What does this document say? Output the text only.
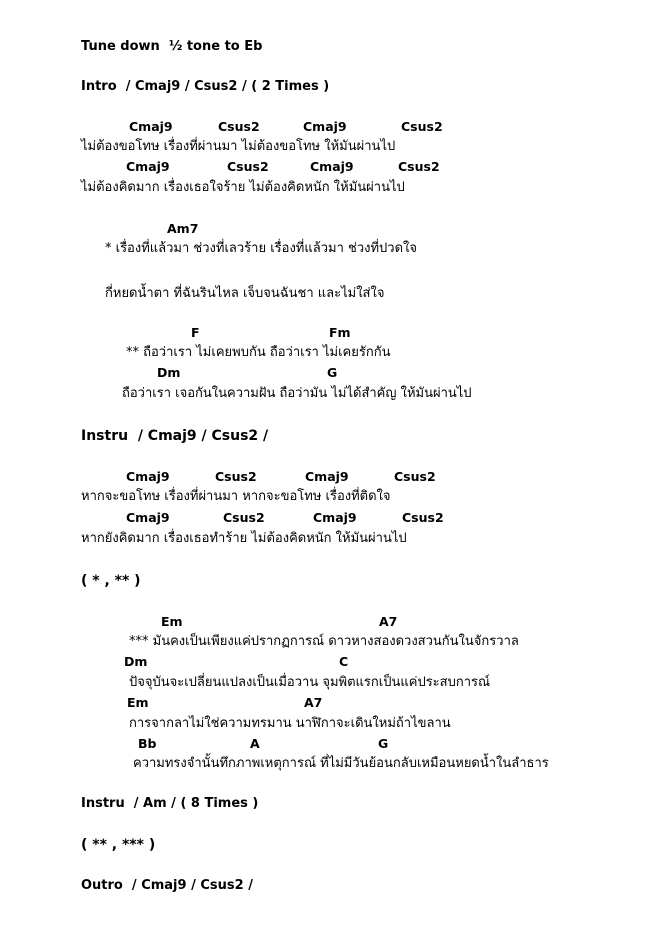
Tune down  ½ tone to Eb
Intro  / Cmaj9 / Csus2 / ( 2 Times )
Cmaj9	Csus2	Cmaj9	Csus2
ไม่ต้องขอโทษ เรื่องที่ผ่านมา ไม่ต้องขอโทษ ให้มันผ่านไป
Cmaj9	Csus2	Cmaj9	Csus2
ไม่ต้องคิดมาก เรื่องเธอใจร้าย ไม่ต้องคิดหนัก ให้มันผ่านไป
Am7
* เรื่องที่แล้วมา ช่วงที่เลวร้าย เรื่องที่แล้วมา ช่วงที่ปวดใจ
กี่หยดน้ำตา ที่ฉันรินไหล เจ็บจนฉันชา และไม่ใส่ใจ
F	Fm
** ถือว่าเรา ไม่เคยพบกัน ถือว่าเรา ไม่เคยรักกัน
Dm	G
ถือว่าเรา เจอกันในความฝัน ถือว่ามัน ไม่ได้สำคัญ ให้มันผ่านไป
Instru  / Cmaj9 / Csus2 /
Cmaj9	Csus2	Cmaj9	Csus2
หากจะขอโทษ เรื่องที่ผ่านมา หากจะขอโทษ เรื่องที่ติดใจ
Cmaj9	Csus2	Cmaj9	Csus2
หากยังคิดมาก เรื่องเธอทำร้าย ไม่ต้องคิดหนัก ให้มันผ่านไป
( * , ** )
Em	A7
*** มันคงเป็นเพียงแค่ปรากฏการณ์ ดาวหางสองดวงสวนกันในจักรวาล
Dm	C
ปัจจุบันจะเปลี่ยนแปลงเป็นเมื่อวาน จุมพิตแรกเป็นแค่ประสบการณ์
Em	A7
การจากลาไม่ใช่ความทรมาน นาฬิกาจะเดินใหม่ถ้าไขลาน
Bb	A	G
ความทรงจำนั้นทึกภาพเหตุการณ์ ที่ไม่มีวันย้อนกลับเหมือนหยดน้ำในลำธาร
Instru  / Am / ( 8 Times )
( ** , *** )
Outro  / Cmaj9 / Csus2 /
